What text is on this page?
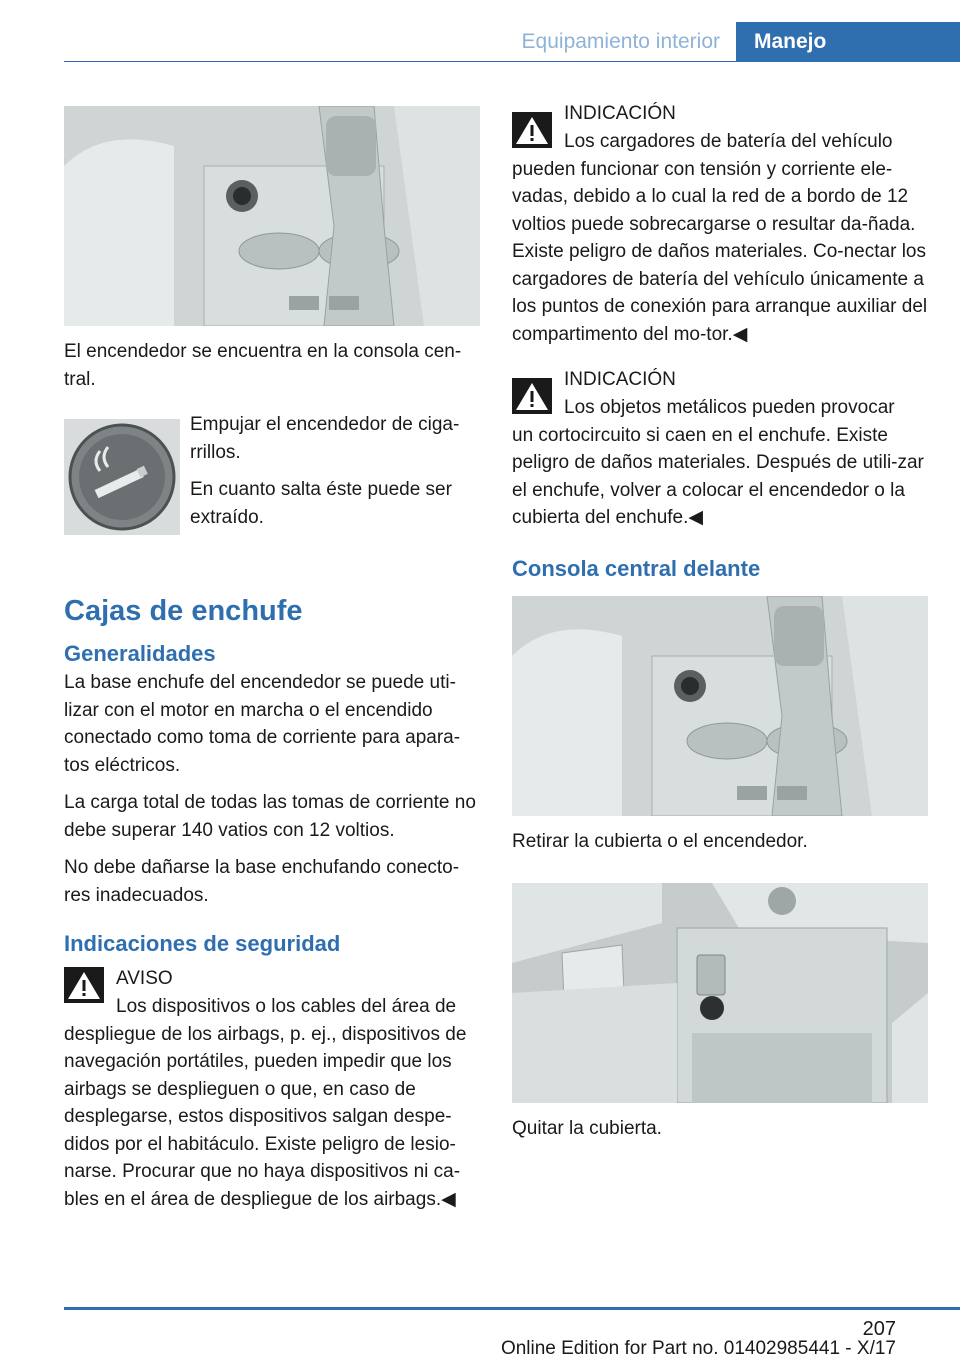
Equipamiento interior	Manejo

El encendedor se encuentra en la consola cen-tral.

Empujar el encendedor de ciga-rrillos.

En cuanto salta éste puede ser extraído.

Cajas de enchufe
Generalidades

La base enchufe del encendedor se puede uti-lizar con el motor en marcha o el encendido conectado como toma de corriente para apara-tos eléctricos.

La carga total de todas las tomas de corriente no debe superar 140 vatios con 12 voltios.

No debe dañarse la base enchufando conecto-res inadecuados.

Indicaciones de seguridad

AVISO

Los dispositivos o los cables del área de

despliegue de los airbags, p. ej., dispositivos de navegación portátiles, pueden impedir que los airbags se desplieguen o que, en caso de desplegarse, estos dispositivos salgan despe-didos por el habitáculo. Existe peligro de lesio-narse. Procurar que no haya dispositivos ni ca-bles en el área de despliegue de los airbags.◀

INDICACIÓN

Los cargadores de batería del vehículo

pueden funcionar con tensión y corriente ele-vadas, debido a lo cual la red de a bordo de 12 voltios puede sobrecargarse o resultar da-ñada. Existe peligro de daños materiales. Co-nectar los cargadores de batería del vehículo únicamente a los puntos de conexión para arranque auxiliar del compartimento del mo-tor.◀

INDICACIÓN

Los objetos metálicos pueden provocar

un cortocircuito si caen en el enchufe. Existe peligro de daños materiales. Después de utili-zar el enchufe, volver a colocar el encendedor o la cubierta del enchufe.◀

Consola central delante

Retirar la cubierta o el encendedor.

Quitar la cubierta.

207
Online Edition for Part no. 01402985441 - X/17
